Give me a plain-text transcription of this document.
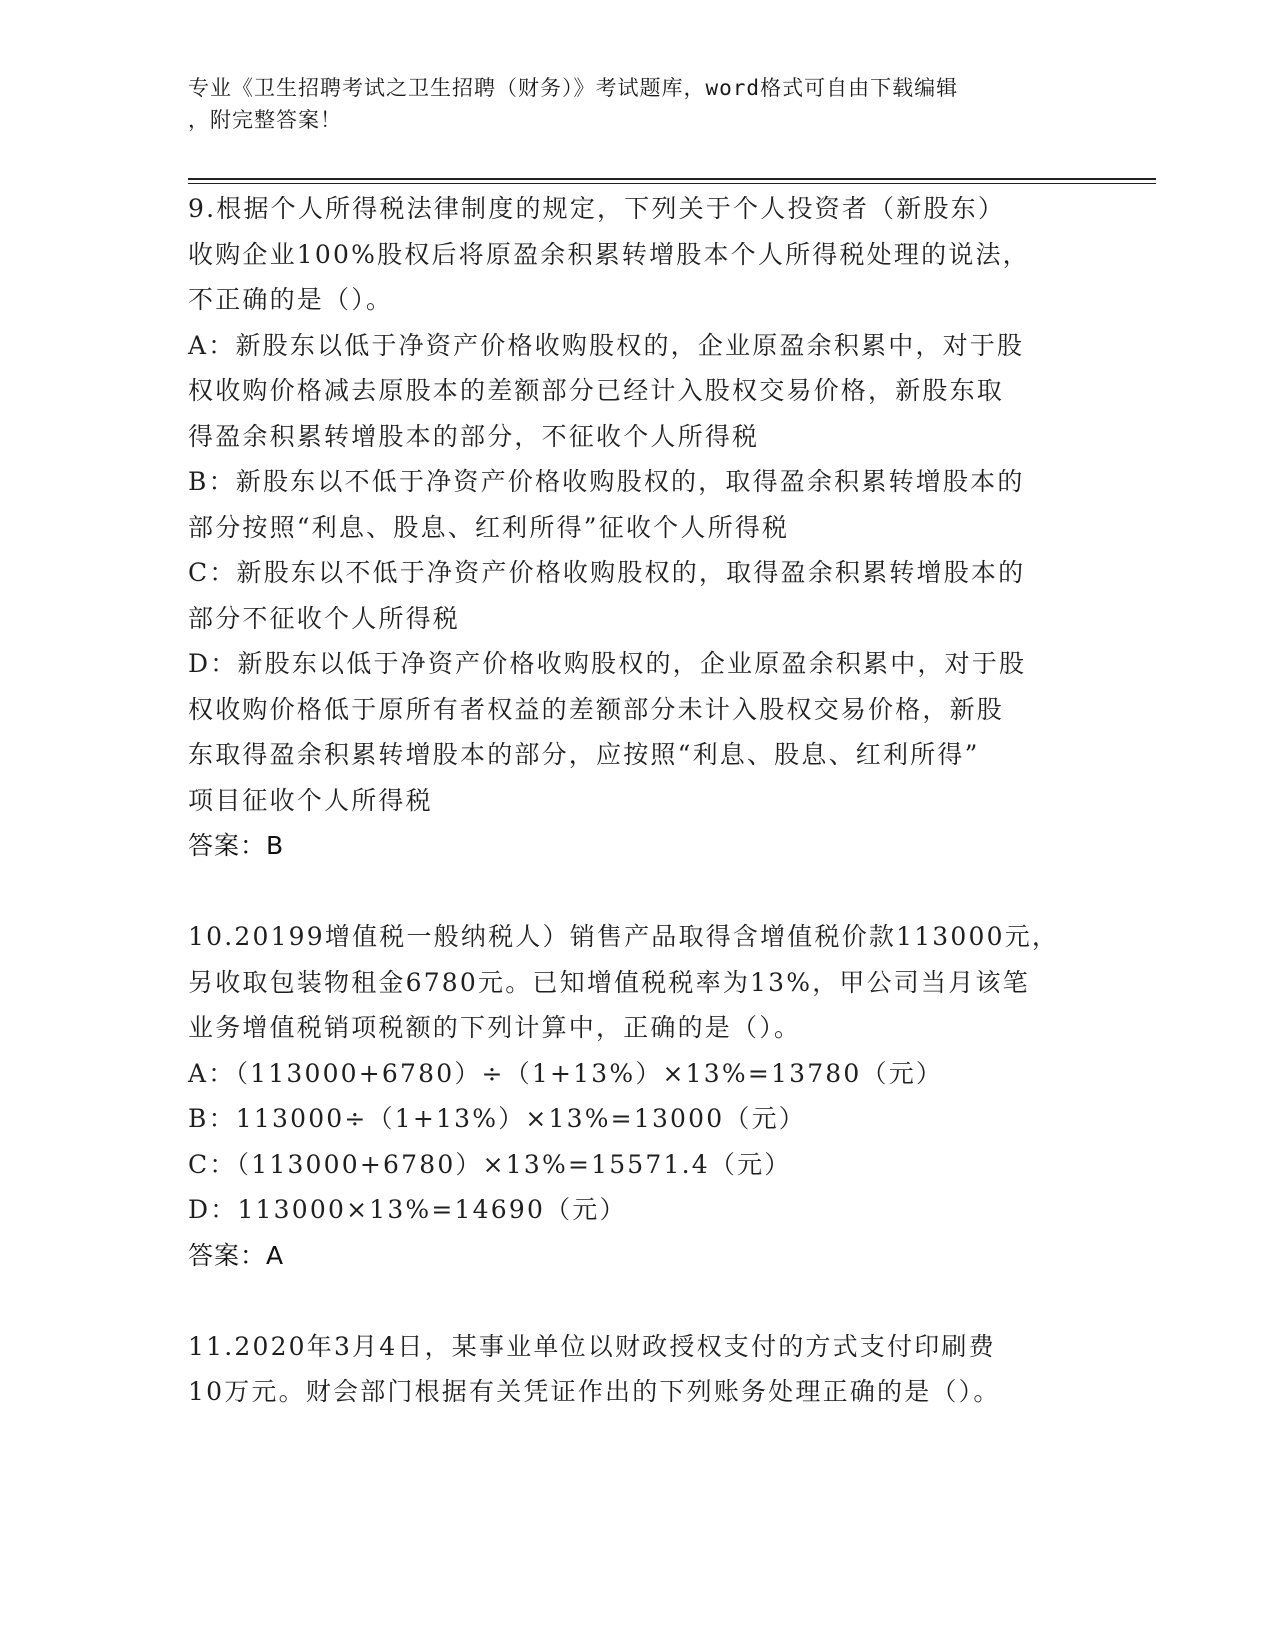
专业《卫生招聘考试之卫生招聘（财务）》考试题库，word格式可自由下载编辑
，附完整答案！
9.根据个人所得税法律制度的规定，下列关于个人投资者（新股东）
收购企业100%股权后将原盈余积累转增股本个人所得税处理的说法，
不正确的是（）。
A：新股东以低于净资产价格收购股权的，企业原盈余积累中，对于股
权收购价格减去原股本的差额部分已经计入股权交易价格，新股东取
得盈余积累转增股本的部分，不征收个人所得税
B：新股东以不低于净资产价格收购股权的，取得盈余积累转增股本的
部分按照“利息、股息、红利所得”征收个人所得税
C：新股东以不低于净资产价格收购股权的，取得盈余积累转增股本的
部分不征收个人所得税
D：新股东以低于净资产价格收购股权的，企业原盈余积累中，对于股
权收购价格低于原所有者权益的差额部分未计入股权交易价格，新股
东取得盈余积累转增股本的部分，应按照“利息、股息、红利所得”
项目征收个人所得税
答案：B
10.20199增值税一般纳税人）销售产品取得含增值税价款113000元，
另收取包装物租金6780元。已知增值税税率为13%，甲公司当月该笔
业务增值税销项税额的下列计算中，正确的是（）。
A：（113000+6780）÷（1+13%）×13%=13780（元）
B：113000÷（1+13%）×13%=13000（元）
C：（113000+6780）×13%=15571.4（元）
D：113000×13%=14690（元）
答案：A
11.2020年3月4日，某事业单位以财政授权支付的方式支付印刷费
10万元。财会部门根据有关凭证作出的下列账务处理正确的是（）。
